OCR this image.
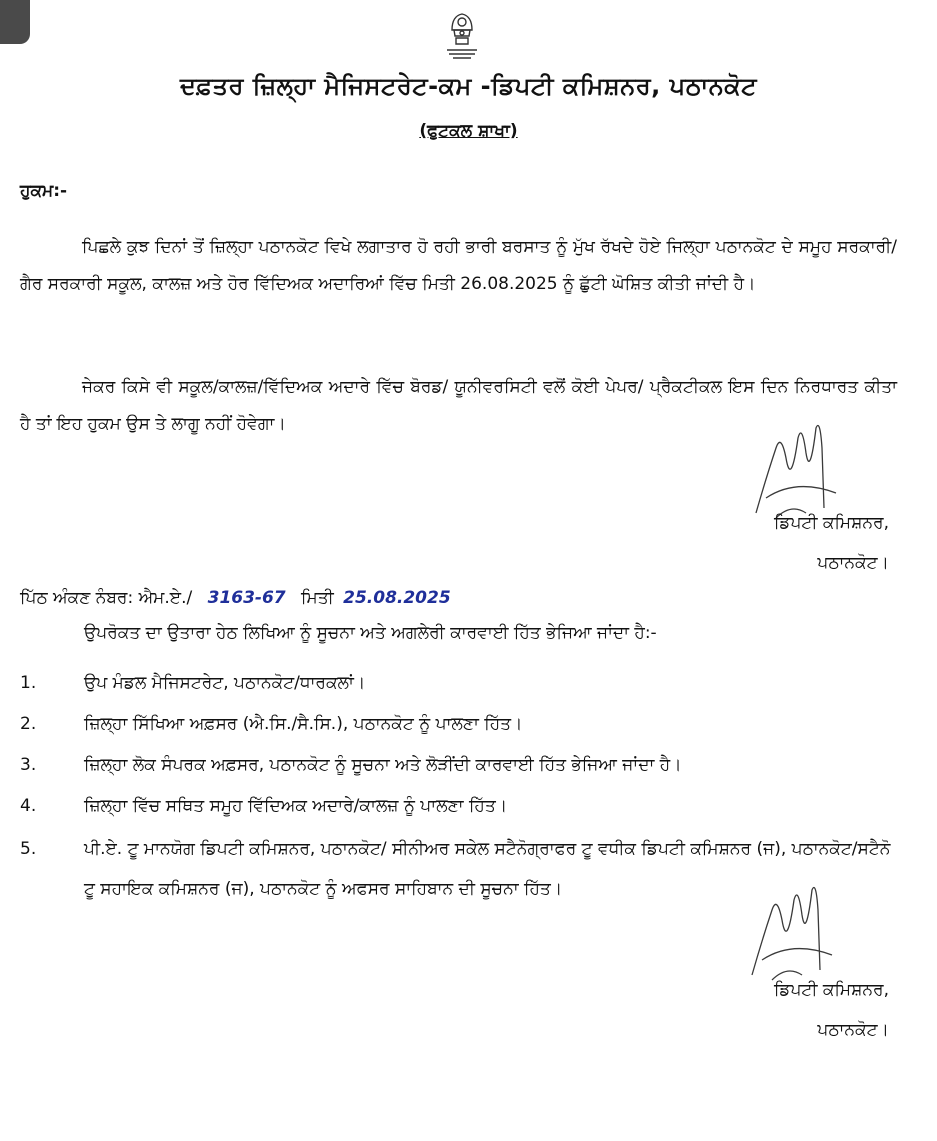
ਦਫ਼ਤਰ ਜ਼ਿਲ੍ਹਾ ਮੈਜਿਸਟਰੇਟ-ਕਮ -ਡਿਪਟੀ ਕਮਿਸ਼ਨਰ, ਪਠਾਨਕੋਟ
(ਫੁਟਕਲ ਸ਼ਾਖਾ)
ਹੁਕਮ:-
ਪਿਛਲੇ ਕੁਝ ਦਿਨਾਂ ਤੋਂ ਜ਼ਿਲ੍ਹਾ ਪਠਾਨਕੋਟ ਵਿਖੇ ਲਗਾਤਾਰ ਹੋ ਰਹੀ ਭਾਰੀ ਬਰਸਾਤ ਨੂੰ ਮੁੱਖ ਰੱਖਦੇ ਹੋਏ ਜਿਲ੍ਹਾ ਪਠਾਨਕੋਟ ਦੇ ਸਮੂਹ ਸਰਕਾਰੀ/ਗੈਰ ਸਰਕਾਰੀ ਸਕੂਲ, ਕਾਲਜ਼ ਅਤੇ ਹੋਰ ਵਿੱਦਿਅਕ ਅਦਾਰਿਆਂ ਵਿੱਚ ਮਿਤੀ 26.08.2025 ਨੂੰ ਛੁੱਟੀ ਘੋਸ਼ਿਤ ਕੀਤੀ ਜਾਂਦੀ ਹੈ।
ਜੇਕਰ ਕਿਸੇ ਵੀ ਸਕੂਲ/ਕਾਲਜ਼/ਵਿੱਦਿਅਕ ਅਦਾਰੇ ਵਿੱਚ ਬੋਰਡ/ ਯੂਨੀਵਰਸਿਟੀ ਵਲੋਂ ਕੋਈ ਪੇਪਰ/ ਪ੍ਰੈਕਟੀਕਲ ਇਸ ਦਿਨ ਨਿਰਧਾਰਤ ਕੀਤਾ ਹੈ ਤਾਂ ਇਹ ਹੁਕਮ ਉਸ ਤੇ ਲਾਗੂ ਨਹੀਂ ਹੋਵੇਗਾ।
ਡਿਪਟੀ ਕਮਿਸ਼ਨਰ,
ਪਠਾਨਕੋਟ।
ਪਿੱਠ ਅੰਕਣ ਨੰਬਰ: ਐਮ.ਏ./ 3163-67 ਮਿਤੀ 25.08.2025
ਉਪਰੋਕਤ ਦਾ ਉਤਾਰਾ ਹੇਠ ਲਿਖਿਆ ਨੂੰ ਸੂਚਨਾ ਅਤੇ ਅਗਲੇਰੀ ਕਾਰਵਾਈ ਹਿੱਤ ਭੇਜਿਆ ਜਾਂਦਾ ਹੈ:-
1.	ਉਪ ਮੰਡਲ ਮੈਜਿਸਟਰੇਟ, ਪਠਾਨਕੋਟ/ਧਾਰਕਲਾਂ।
2.	ਜ਼ਿਲ੍ਹਾ ਸਿੱਖਿਆ ਅਫ਼ਸਰ (ਐ.ਸਿ./ਸੈ.ਸਿ.), ਪਠਾਨਕੋਟ ਨੂੰ ਪਾਲਣਾ ਹਿੱਤ।
3.	ਜ਼ਿਲ੍ਹਾ ਲੋਕ ਸੰਪਰਕ ਅਫ਼ਸਰ, ਪਠਾਨਕੋਟ ਨੂੰ ਸੂਚਨਾ ਅਤੇ ਲੋੜੀਂਦੀ ਕਾਰਵਾਈ ਹਿੱਤ ਭੇਜਿਆ ਜਾਂਦਾ ਹੈ।
4.	ਜ਼ਿਲ੍ਹਾ ਵਿੱਚ ਸਥਿਤ ਸਮੂਹ ਵਿੱਦਿਅਕ ਅਦਾਰੇ/ਕਾਲਜ਼ ਨੂੰ ਪਾਲਣਾ ਹਿੱਤ।
5.	ਪੀ.ਏ. ਟੂ ਮਾਨਯੋਗ ਡਿਪਟੀ ਕਮਿਸ਼ਨਰ, ਪਠਾਨਕੋਟ/ ਸੀਨੀਅਰ ਸਕੇਲ ਸਟੈਨੋਗ੍ਰਾਫਰ ਟੂ ਵਧੀਕ ਡਿਪਟੀ ਕਮਿਸ਼ਨਰ (ਜ), ਪਠਾਨਕੋਟ/ਸਟੈਨੋ ਟੂ ਸਹਾਇਕ ਕਮਿਸ਼ਨਰ (ਜ), ਪਠਾਨਕੋਟ ਨੂੰ ਅਫਸਰ ਸਾਹਿਬਾਨ ਦੀ ਸੂਚਨਾ ਹਿੱਤ।
ਡਿਪਟੀ ਕਮਿਸ਼ਨਰ,
ਪਠਾਨਕੋਟ।
